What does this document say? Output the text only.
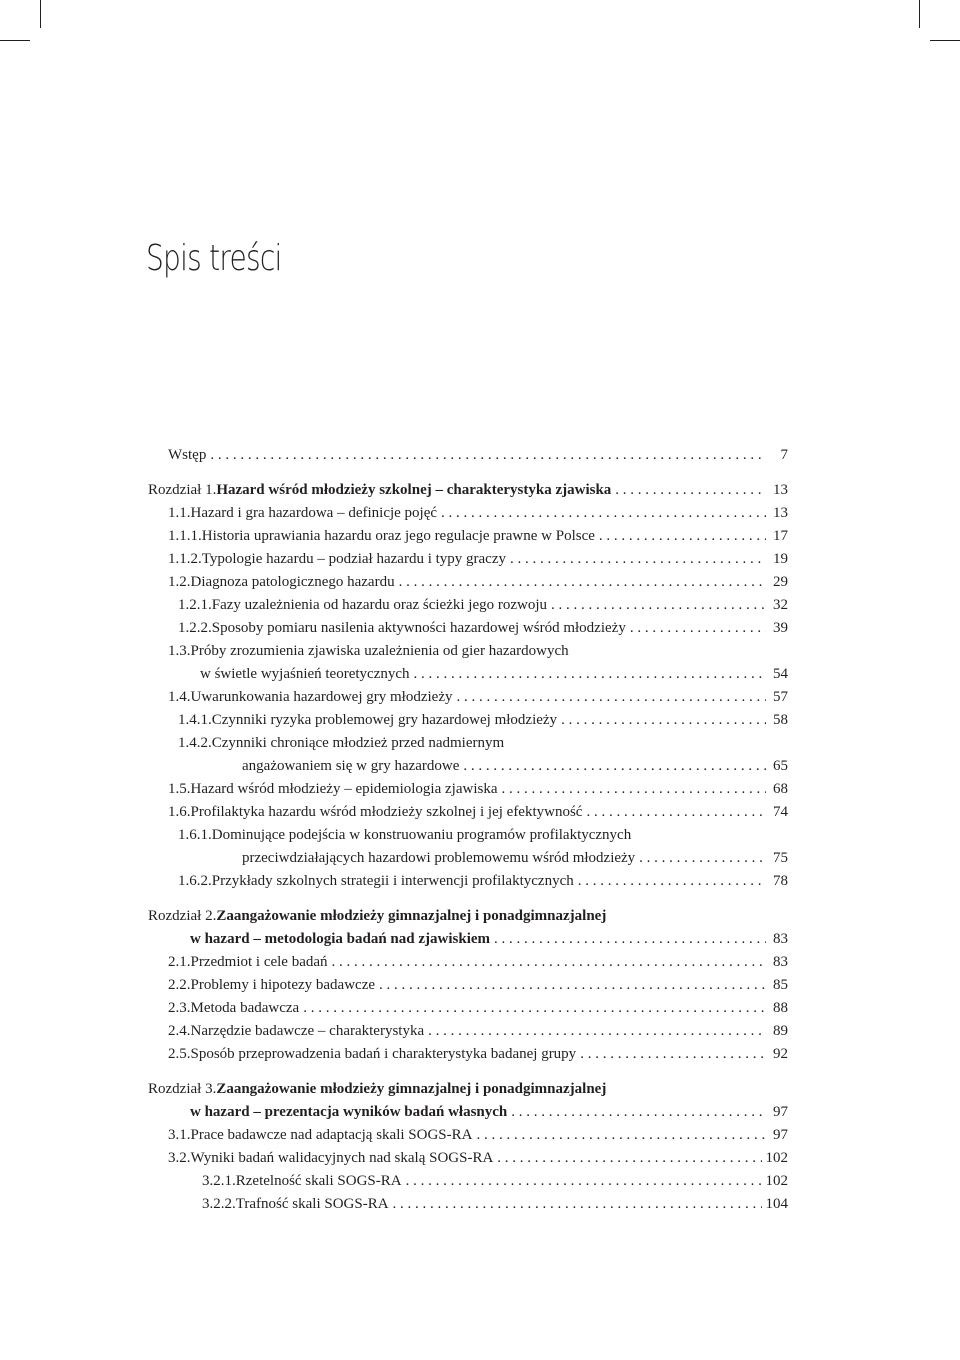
Spis treści
Wstęp . . .	7
Rozdział 1. Hazard wśród młodzieży szkolnej – charakterystyka zjawiska . . .	13
1.1. Hazard i gra hazardowa – definicje pojęć . . .	13
1.1.1. Historia uprawiania hazardu oraz jego regulacje prawne w Polsce . . .	17
1.1.2. Typologie hazardu – podział hazardu i typy graczy . . .	19
1.2. Diagnoza patologicznego hazardu . . .	29
1.2.1. Fazy uzależnienia od hazardu oraz ścieżki jego rozwoju . . .	32
1.2.2. Sposoby pomiaru nasilenia aktywności hazardowej wśród młodzieży . . .	39
1.3. Próby zrozumienia zjawiska uzależnienia od gier hazardowych
w świetle wyjaśnień teoretycznych . . .	54
1.4. Uwarunkowania hazardowej gry młodzieży . . .	57
1.4.1. Czynniki ryzyka problemowej gry hazardowej młodzieży . . .	58
1.4.2. Czynniki chroniące młodzież przed nadmiernym
angażowaniem się w gry hazardowe . . .	65
1.5. Hazard wśród młodzieży – epidemiologia zjawiska . . .	68
1.6. Profilaktyka hazardu wśród młodzieży szkolnej i jej efektywność . . .	74
1.6.1. Dominujące podejścia w konstruowaniu programów profilaktycznych
przeciwdziałających hazardowi problemowemu wśród młodzieży . . .	75
1.6.2. Przykłady szkolnych strategii i interwencji profilaktycznych . . .	78
Rozdział 2. Zaangażowanie młodzieży gimnazjalnej i ponadgimnazjalnej
w hazard – metodologia badań nad zjawiskiem . . .	83
2.1. Przedmiot i cele badań . . .	83
2.2. Problemy i hipotezy badawcze . . .	85
2.3. Metoda badawcza . . .	88
2.4. Narzędzie badawcze – charakterystyka . . .	89
2.5. Sposób przeprowadzenia badań i charakterystyka badanej grupy . . .	92
Rozdział 3. Zaangażowanie młodzieży gimnazjalnej i ponadgimnazjalnej
w hazard – prezentacja wyników badań własnych . . .	97
3.1. Prace badawcze nad adaptacją skali SOGS-RA . . .	97
3.2. Wyniki badań walidacyjnych nad skalą SOGS-RA . . .	102
3.2.1. Rzetelność skali SOGS-RA . . .	102
3.2.2. Trafność skali SOGS-RA . . .	104
